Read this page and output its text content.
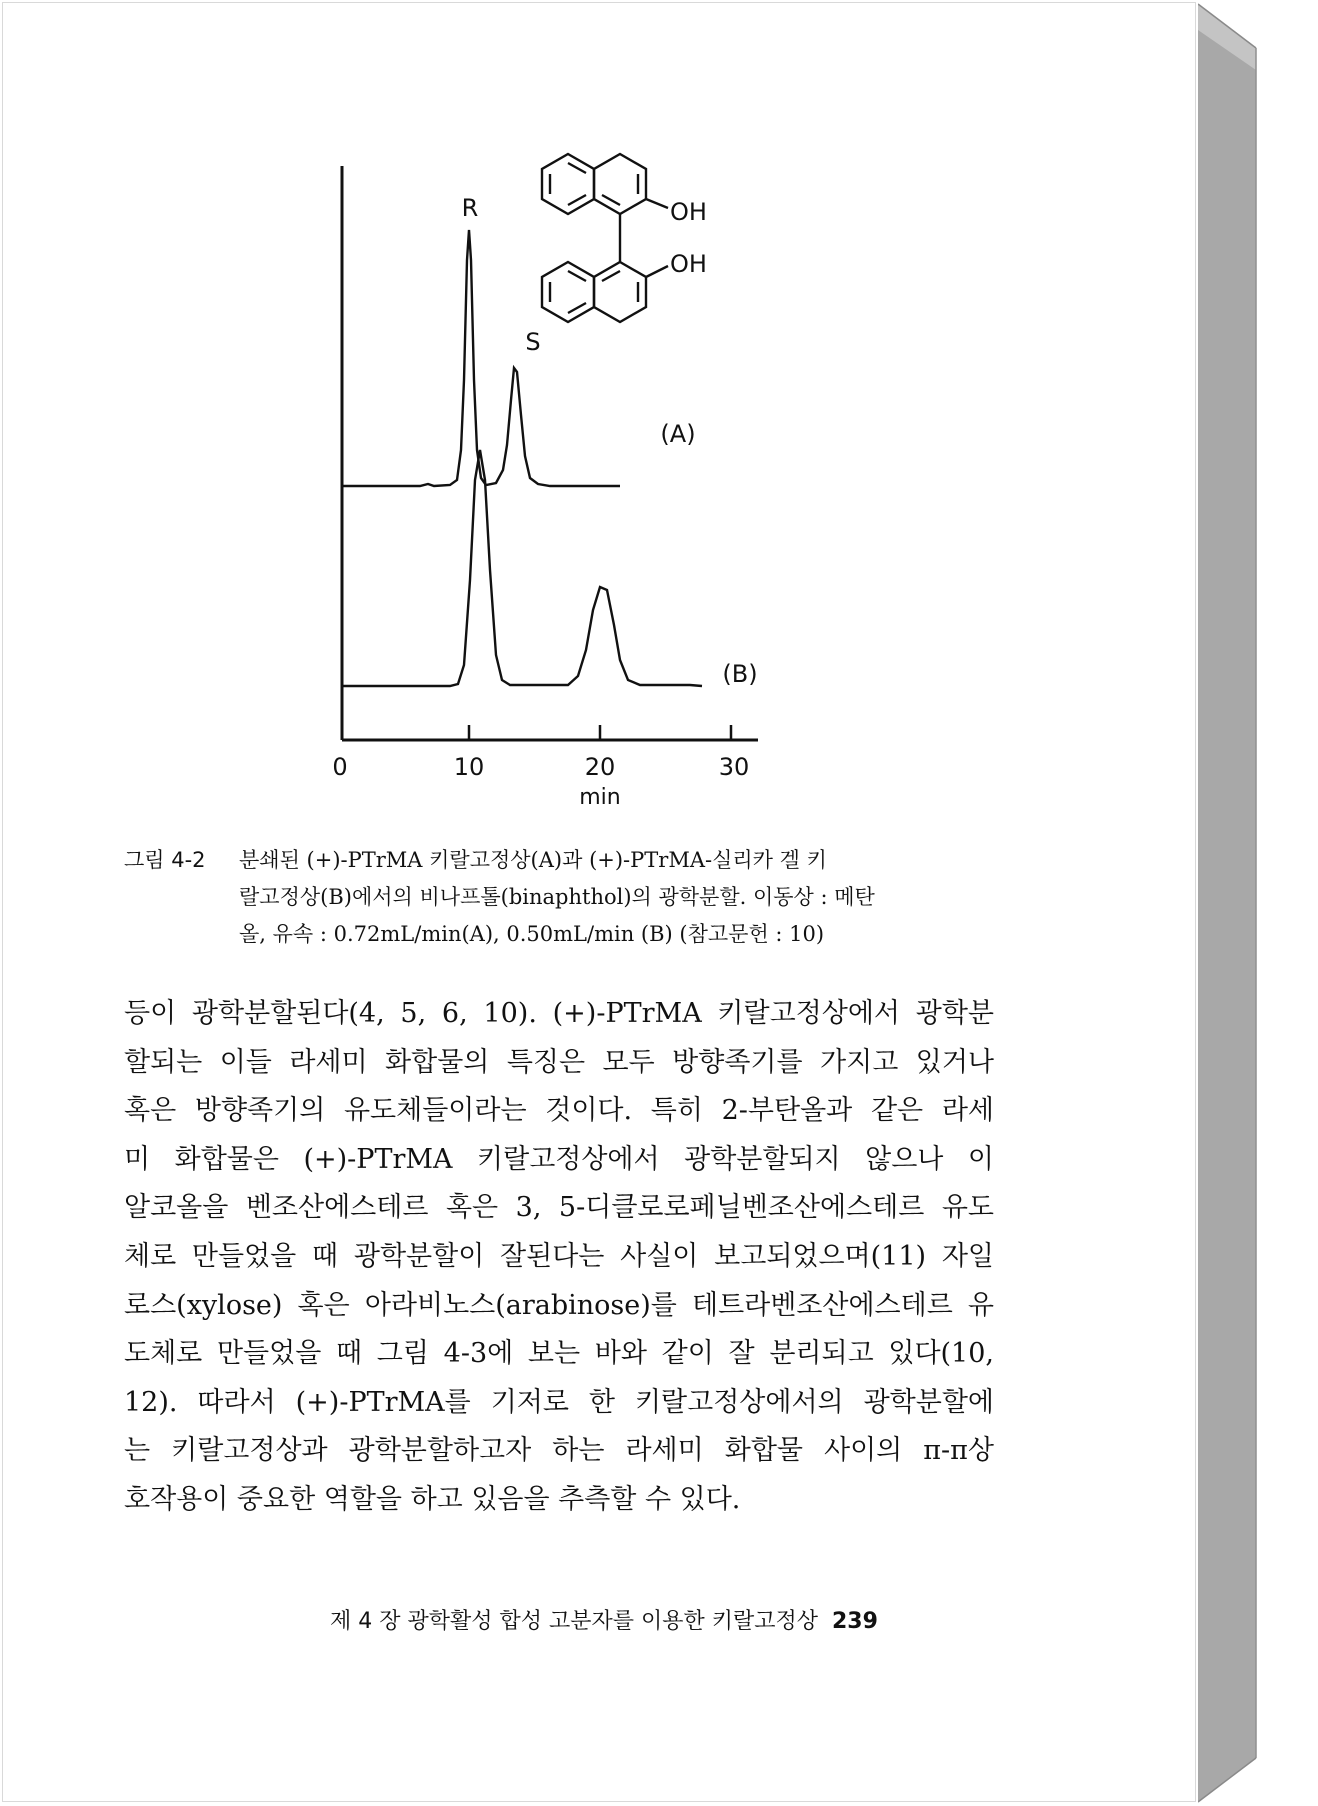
0	10	20	30
min
R
S
(A)
(B)
OH
OH
그림 4-2 분쇄된 (+)-PTrMA 키랄고정상(A)과 (+)-PTrMA-실리카 겔 키
랄고정상(B)에서의 비나프톨(binaphthol)의 광학분할. 이동상 : 메탄
올, 유속 : 0.72mL/min(A), 0.50mL/min (B) (참고문헌 : 10)
등이 광학분할된다(4, 5, 6, 10). (+)-PTrMA 키랄고정상에서 광학분
할되는 이들 라세미 화합물의 특징은 모두 방향족기를 가지고 있거나
혹은 방향족기의 유도체들이라는 것이다. 특히 2-부탄올과 같은 라세
미 화합물은 (+)-PTrMA 키랄고정상에서 광학분할되지 않으나 이
알코올을 벤조산에스테르 혹은 3, 5-디클로로페닐벤조산에스테르 유도
체로 만들었을 때 광학분할이 잘된다는 사실이 보고되었으며(11) 자일
로스(xylose) 혹은 아라비노스(arabinose)를 테트라벤조산에스테르 유
도체로 만들었을 때 그림 4-3에 보는 바와 같이 잘 분리되고 있다(10,
12). 따라서 (+)-PTrMA를 기저로 한 키랄고정상에서의 광학분할에
는 키랄고정상과 광학분할하고자 하는 라세미 화합물 사이의 π-π상
호작용이 중요한 역할을 하고 있음을 추측할 수 있다.
제 4 장 광학활성 합성 고분자를 이용한 키랄고정상 239
